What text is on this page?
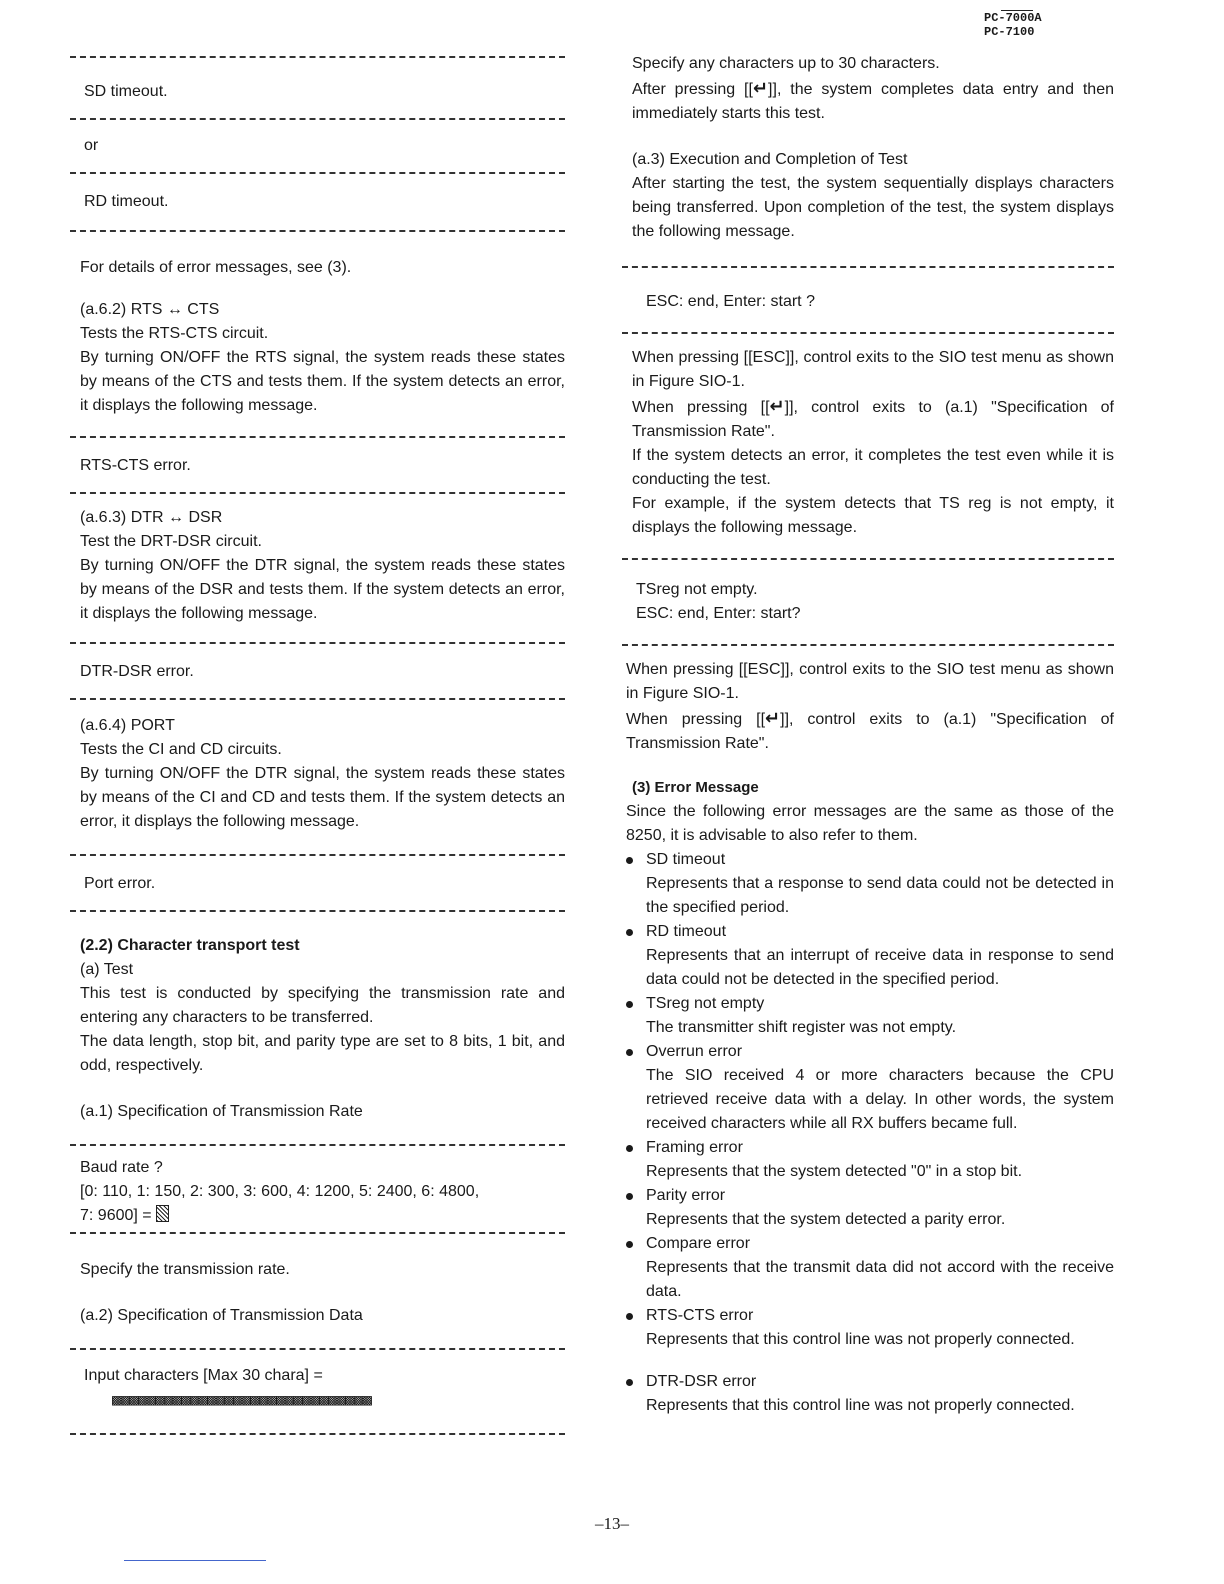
PC-7000A
PC-7100
SD timeout.
or
RD timeout.

For details of error messages, see (3).

(a.6.2) RTS ↔ CTS

Tests the RTS-CTS circuit.

By turning ON/OFF the RTS signal, the system reads these states by means of the CTS and tests them. If the system detects an error, it displays the following message.

RTS-CTS error.

(a.6.3) DTR ↔ DSR

Test the DRT-DSR circuit.

By turning ON/OFF the DTR signal, the system reads these states by means of the DSR and tests them. If the system detects an error, it displays the following message.

DTR-DSR error.

(a.6.4) PORT

Tests the CI and CD circuits.

By turning ON/OFF the DTR signal, the system reads these states by means of the CI and CD and tests them. If the system detects an error, it displays the following message.

Port error.

(2.2) Character transport test

(a) Test

This test is conducted by specifying the transmission rate and entering any characters to be transferred.

The data length, stop bit, and parity type are set to 8 bits, 1 bit, and odd, respectively.

(a.1) Specification of Transmission Rate

Baud rate ?
[0: 110, 1: 150, 2: 300, 3: 600, 4: 1200, 5: 2400, 6: 4800,
7: 9600] =

Specify the transmission rate.

(a.2) Specification of Transmission Data

Input characters [Max 30 chara] =
▩▩▩▩▩▩▩▩▩▩▩▩▩▩▩▩▩▩▩▩▩▩▩▩▩▩▩▩▩▩

Specify any characters up to 30 characters.

After pressing [[↵]], the system completes data entry and then immediately starts this test.

(a.3) Execution and Completion of Test

After starting the test, the system sequentially displays characters being transferred. Upon completion of the test, the system displays the following message.

ESC: end, Enter: start ?

When pressing [[ESC]], control exits to the SIO test menu as shown in Figure SIO-1.

When pressing [[↵]], control exits to (a.1) "Specification of Transmission Rate".

If the system detects an error, it completes the test even while it is conducting the test.

For example, if the system detects that TS reg is not empty, it displays the following message.

TSreg not empty.
ESC: end, Enter: start?

When pressing [[ESC]], control exits to the SIO test menu as shown in Figure SIO-1.

When pressing [[↵]], control exits to (a.1) "Specification of Transmission Rate".

(3) Error Message

Since the following error messages are the same as those of the 8250, it is advisable to also refer to them.

SD timeout
Represents that a response to send data could not be detected in the specified period.
RD timeout
Represents that an interrupt of receive data in response to send data could not be detected in the specified period.
TSreg not empty
The transmitter shift register was not empty.
Overrun error
The SIO received 4 or more characters because the CPU retrieved receive data with a delay. In other words, the system received characters while all RX buffers became full.
Framing error
Represents that the system detected "0" in a stop bit.
Parity error
Represents that the system detected a parity error.
Compare error
Represents that the transmit data did not accord with the receive data.
RTS-CTS error
Represents that this control line was not properly connected.
DTR-DSR error
Represents that this control line was not properly connected.
–13–
